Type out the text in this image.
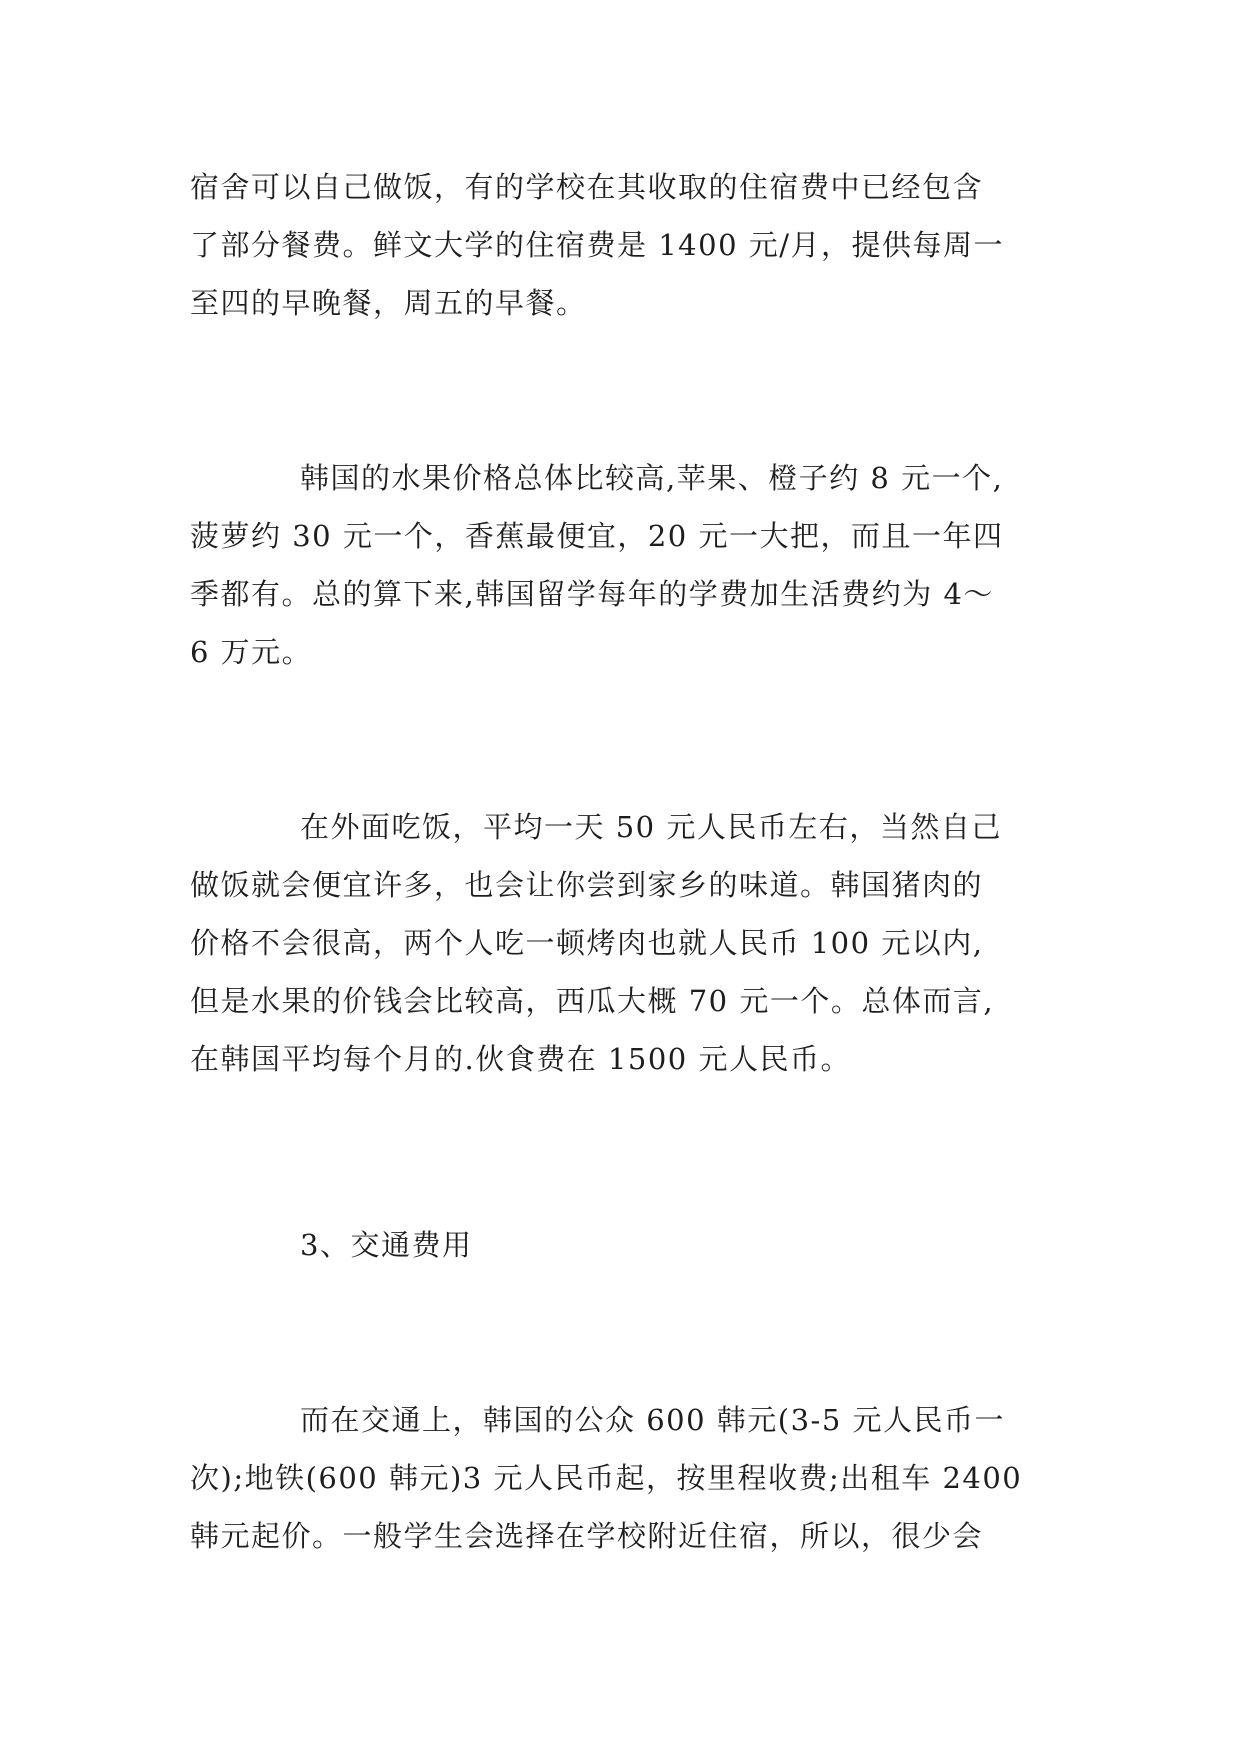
宿舍可以自己做饭，有的学校在其收取的住宿费中已经包含
了部分餐费。鲜文大学的住宿费是 1400 元/月，提供每周一
至四的早晚餐，周五的早餐。
韩国的水果价格总体比较高,苹果、橙子约 8 元一个,
菠萝约 30 元一个，香蕉最便宜，20 元一大把，而且一年四
季都有。总的算下来,韩国留学每年的学费加生活费约为 4～
6 万元。
在外面吃饭，平均一天 50 元人民币左右，当然自己
做饭就会便宜许多，也会让你尝到家乡的味道。韩国猪肉的
价格不会很高，两个人吃一顿烤肉也就人民币 100 元以内,
但是水果的价钱会比较高，西瓜大概 70 元一个。总体而言,
在韩国平均每个月的.伙食费在 1500 元人民币。
3、交通费用
而在交通上，韩国的公众 600 韩元(3-5 元人民币一
次);地铁(600 韩元)3 元人民币起，按里程收费;出租车 2400
韩元起价。一般学生会选择在学校附近住宿，所以，很少会
